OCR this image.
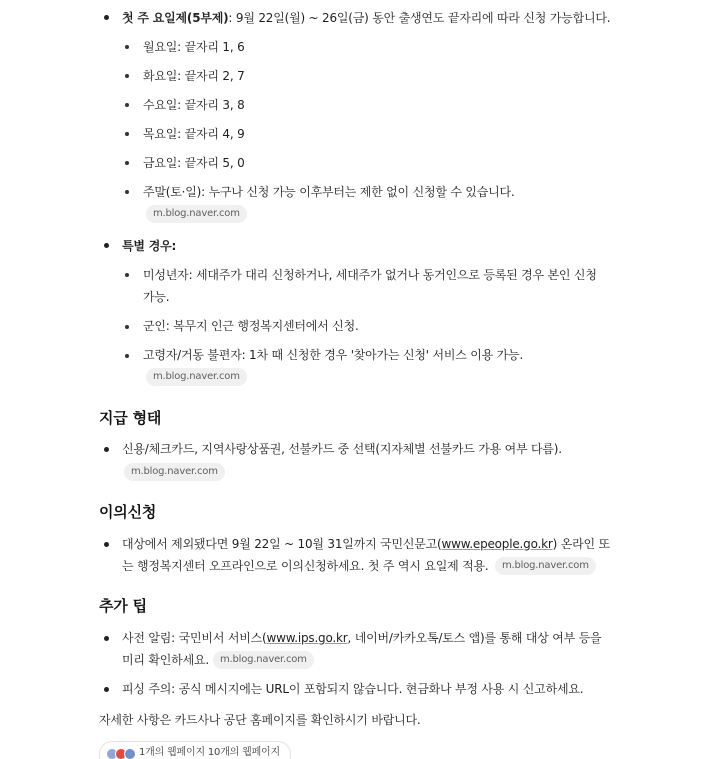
첫 주 요일제(5부제): 9월 22일(월) ~ 26일(금) 동안 출생연도 끝자리에 따라 신청 가능합니다.
월요일: 끝자리 1, 6
화요일: 끝자리 2, 7
수요일: 끝자리 3, 8
목요일: 끝자리 4, 9
금요일: 끝자리 5, 0
주말(토·일): 누구나 신청 가능 이후부터는 제한 없이 신청할 수 있습니다.
m.blog.naver.com
특별 경우:
미성년자: 세대주가 대리 신청하거나, 세대주가 없거나 동거인으로 등록된 경우 본인 신청
가능.
군인: 복무지 인근 행정복지센터에서 신청.
고령자/거동 불편자: 1차 때 신청한 경우 '찾아가는 신청' 서비스 이용 가능.
m.blog.naver.com
지급 형태
신용/체크카드, 지역사랑상품권, 선불카드 중 선택(지자체별 선불카드 가용 여부 다름).
m.blog.naver.com
이의신청
대상에서 제외됐다면 9월 22일 ~ 10월 31일까지 국민신문고(www.epeople.go.kr) 온라인 또
는 행정복지센터 오프라인으로 이의신청하세요. 첫 주 역시 요일제 적용.	m.blog.naver.com
추가 팁
사전 알림: 국민비서 서비스(www.ips.go.kr, 네이버/카카오톡/토스 앱)를 통해 대상 여부 등을
미리 확인하세요.	m.blog.naver.com
피싱 주의: 공식 메시지에는 URL이 포함되지 않습니다. 현금화나 부정 사용 시 신고하세요.
자세한 사항은 카드사나 공단 홈페이지를 확인하시기 바랍니다.
1개의 웹페이지 10개의 웹페이지
